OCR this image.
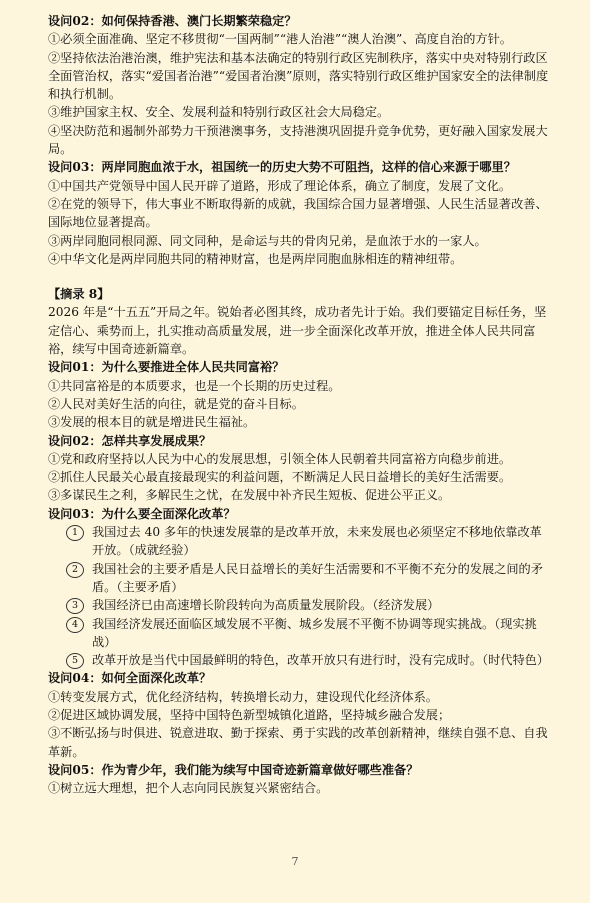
设问02：如何保持香港、澳门长期繁荣稳定？

①必须全面准确、坚定不移贯彻“一国两制”“港人治港”“澳人治澳”、高度自治的方针。

②坚持依法治港治澳，维护宪法和基本法确定的特别行政区宪制秩序，落实中央对特别行政区全面管治权，落实“爱国者治港”“爱国者治澳”原则，落实特别行政区维护国家安全的法律制度和执行机制。

③维护国家主权、安全、发展利益和特别行政区社会大局稳定。

④坚决防范和遏制外部势力干预港澳事务，支持港澳巩固提升竞争优势，更好融入国家发展大局。

设问03：两岸同胞血浓于水，祖国统一的历史大势不可阻挡，这样的信心来源于哪里？

①中国共产党领导中国人民开辟了道路，形成了理论体系，确立了制度，发展了文化。

②在党的领导下，伟大事业不断取得新的成就，我国综合国力显著增强、人民生活显著改善、国际地位显著提高。

③两岸同胞同根同源、同文同种，是命运与共的骨肉兄弟，是血浓于水的一家人。

④中华文化是两岸同胞共同的精神财富，也是两岸同胞血脉相连的精神纽带。

【摘录 8】

2026 年是“十五五”开局之年。锐始者必图其终，成功者先计于始。我们要锚定目标任务，坚定信心、乘势而上，扎实推动高质量发展，进一步全面深化改革开放，推进全体人民共同富裕，续写中国奇迹新篇章。

设问01：为什么要推进全体人民共同富裕？

①共同富裕是的本质要求，也是一个长期的历史过程。

②人民对美好生活的向往，就是党的奋斗目标。

③发展的根本目的就是增进民生福祉。

设问02：怎样共享发展成果？

①党和政府坚持以人民为中心的发展思想，引领全体人民朝着共同富裕方向稳步前进。

②抓住人民最关心最直接最现实的利益问题，不断满足人民日益增长的美好生活需要。

③多谋民生之利，多解民生之忧，在发展中补齐民生短板、促进公平正义。

设问03：为什么要全面深化改革？
1	我国过去 40 多年的快速发展靠的是改革开放，未来发展也必须坚定不移地依靠改革开放。（成就经验）
2	我国社会的主要矛盾是人民日益增长的美好生活需要和不平衡不充分的发展之间的矛盾。（主要矛盾）
3	我国经济已由高速增长阶段转向为高质量发展阶段。（经济发展）
4	我国经济发展还面临区域发展不平衡、城乡发展不平衡不协调等现实挑战。（现实挑战）
5	改革开放是当代中国最鲜明的特色，改革开放只有进行时，没有完成时。（时代特色）
设问04：如何全面深化改革？

①转变发展方式，优化经济结构，转换增长动力，建设现代化经济体系。

②促进区域协调发展，坚持中国特色新型城镇化道路，坚持城乡融合发展；

③不断弘扬与时俱进、锐意进取、勤于探索、勇于实践的改革创新精神，继续自强不息、自我革新。

设问05：作为青少年，我们能为续写中国奇迹新篇章做好哪些准备？

①树立远大理想，把个人志向同民族复兴紧密结合。

7
